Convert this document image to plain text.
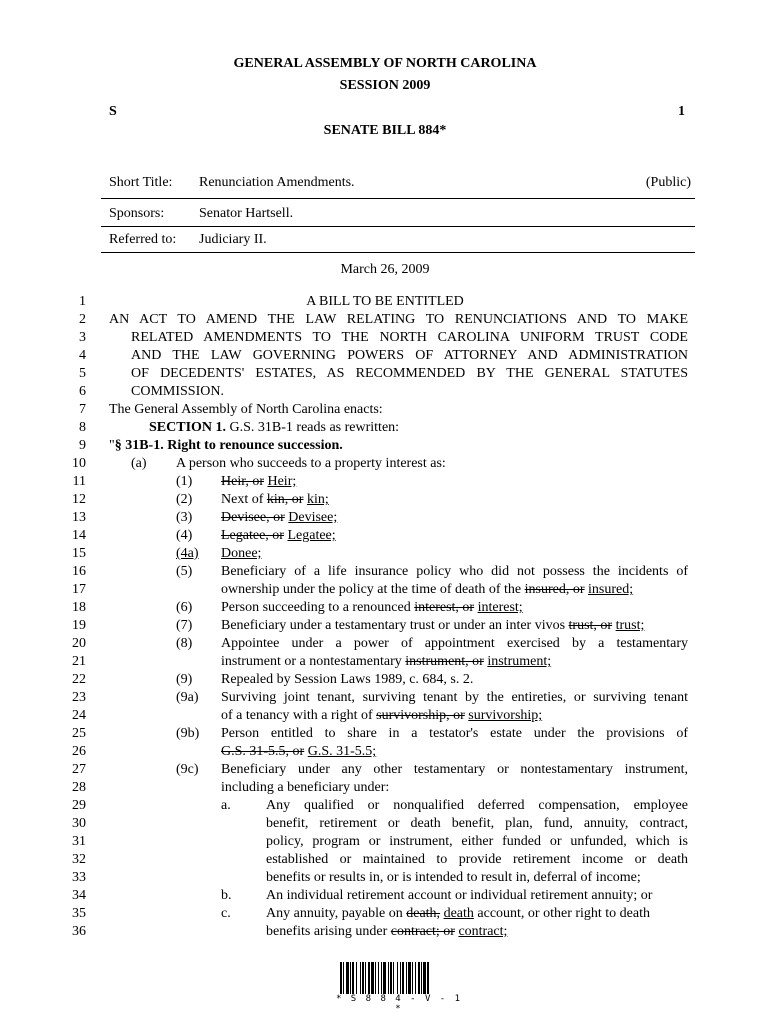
GENERAL ASSEMBLY OF NORTH CAROLINA
SESSION 2009
S	1
SENATE BILL 884*
Short Title: Renunciation Amendments.	(Public)
Sponsors: Senator Hartsell.
Referred to: Judiciary II.
March 26, 2009
1
2
3
4
5
6
7
8
9
10
11
12
13
14
15
16
17
18
19
20
21
22
23
24
25
26
27
28
29
30
31
32
33
34
35
36
A BILL TO BE ENTITLED
AN ACT TO AMEND THE LAW RELATING TO RENUNCIATIONS AND TO MAKE
RELATED AMENDMENTS TO THE NORTH CAROLINA UNIFORM TRUST CODE
AND THE LAW GOVERNING POWERS OF ATTORNEY AND ADMINISTRATION
OF DECEDENTS' ESTATES, AS RECOMMENDED BY THE GENERAL STATUTES
COMMISSION.
The General Assembly of North Carolina enacts:
SECTION 1. G.S. 31B-1 reads as rewritten:
"§ 31B-1. Right to renounce succession.
(a) A person who succeeds to a property interest as:
(1) Heir, or Heir;
(2) Next of kin, or kin;
(3) Devisee, or Devisee;
(4) Legatee, or Legatee;
(4a) Donee;
(5) Beneficiary of a life insurance policy who did not possess the incidents of
ownership under the policy at the time of death of the insured, or insured;
(6) Person succeeding to a renounced interest, or interest;
(7) Beneficiary under a testamentary trust or under an inter vivos trust, or trust;
(8) Appointee under a power of appointment exercised by a testamentary
instrument or a nontestamentary instrument, or instrument;
(9) Repealed by Session Laws 1989, c. 684, s. 2.
(9a) Surviving joint tenant, surviving tenant by the entireties, or surviving tenant
of a tenancy with a right of survivorship, or survivorship;
(9b) Person entitled to share in a testator's estate under the provisions of
G.S. 31-5.5, or G.S. 31-5.5;
(9c) Beneficiary under any other testamentary or nontestamentary instrument,
including a beneficiary under:
a.	Any qualified or nonqualified deferred compensation, employee
benefit, retirement or death benefit, plan, fund, annuity, contract,
policy, program or instrument, either funded or unfunded, which is
established or maintained to provide retirement income or death
benefits or results in, or is intended to result in, deferral of income;
b. An individual retirement account or individual retirement annuity; or
c.	Any annuity, payable on death, death account, or other right to death
benefits arising under contract; or contract;
* S 8 8 4 - V - 1 *
